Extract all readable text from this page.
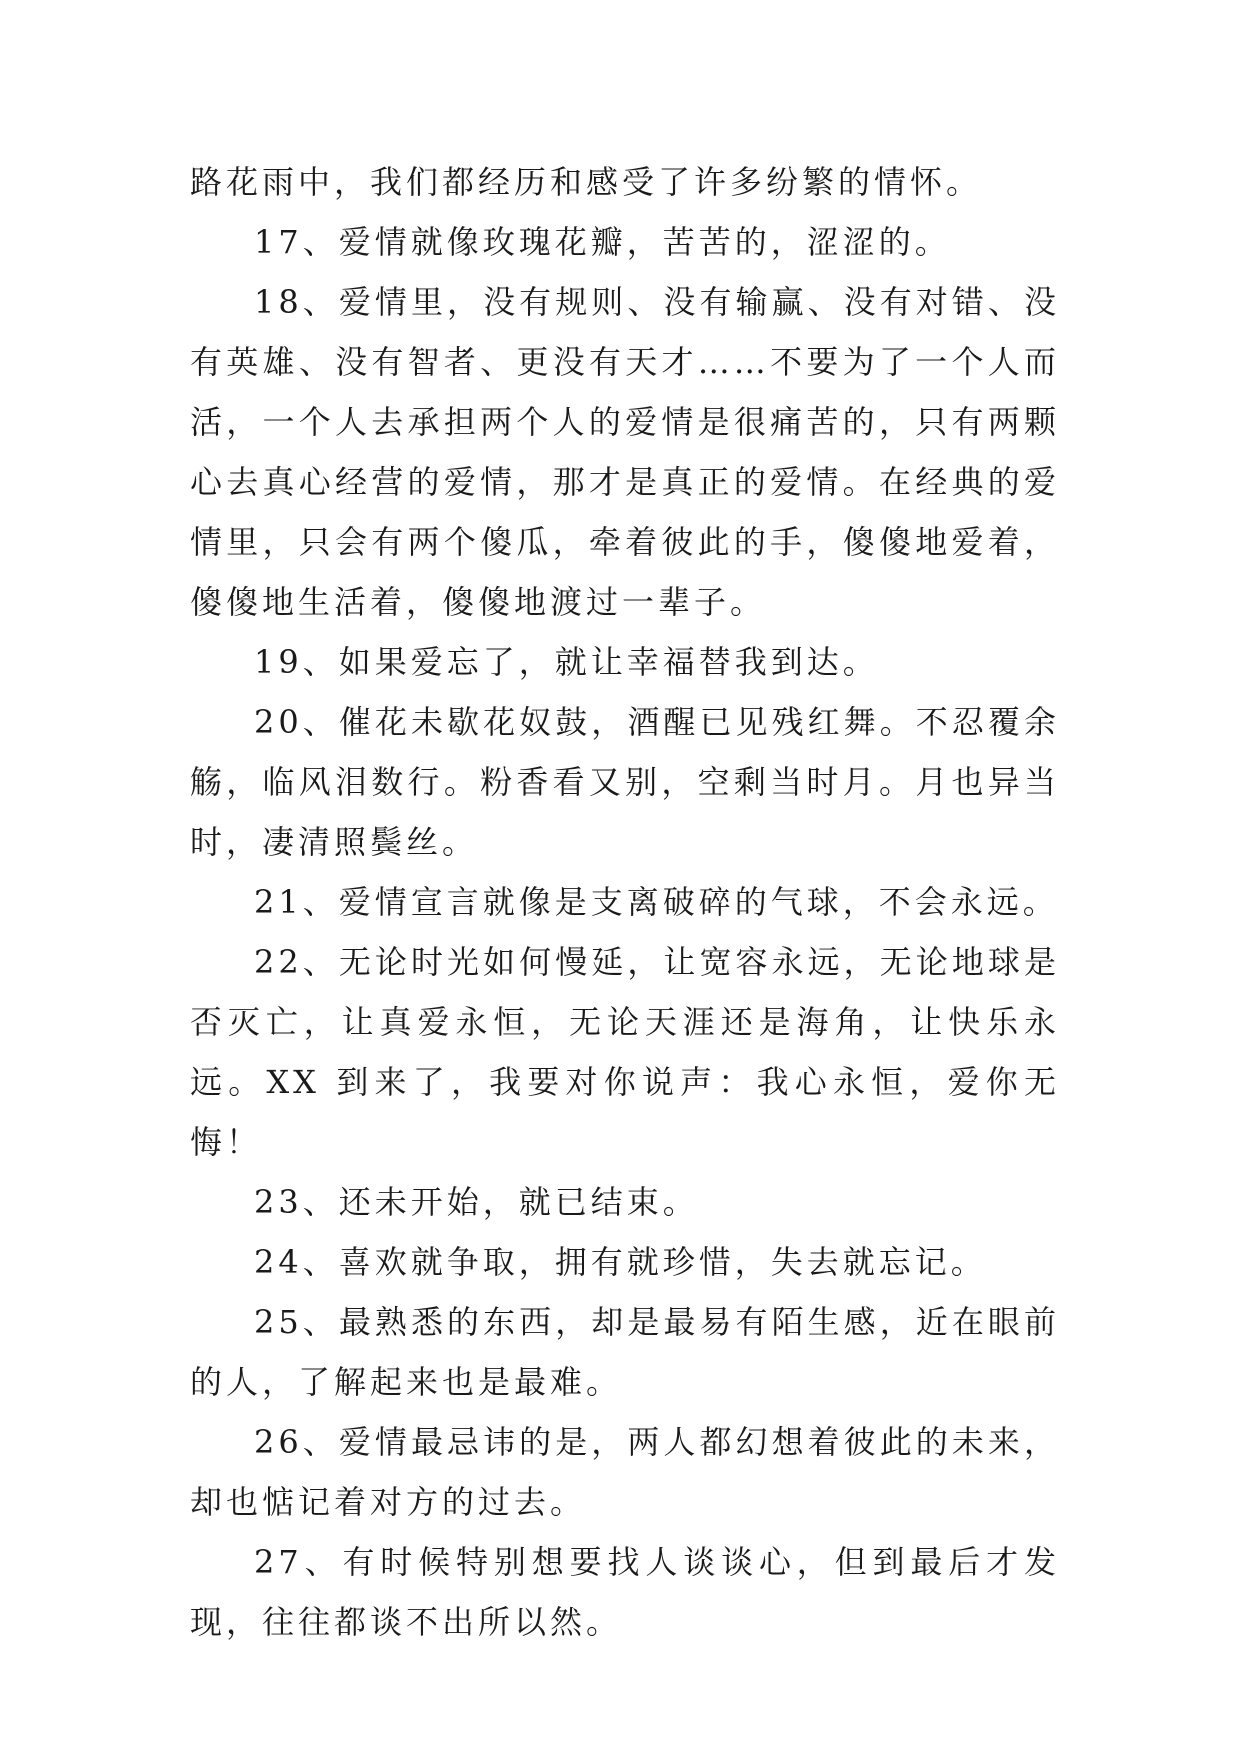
路花雨中，我们都经历和感受了许多纷繁的情怀。

17、爱情就像玫瑰花瓣，苦苦的，涩涩的。

18、爱情里，没有规则、没有输赢、没有对错、没有英雄、没有智者、更没有天才……不要为了一个人而活，一个人去承担两个人的爱情是很痛苦的，只有两颗心去真心经营的爱情，那才是真正的爱情。在经典的爱情里，只会有两个傻瓜，牵着彼此的手，傻傻地爱着，傻傻地生活着，傻傻地渡过一辈子。

19、如果爱忘了，就让幸福替我到达。

20、催花未歇花奴鼓，酒醒已见残红舞。不忍覆余觞，临风泪数行。粉香看又别，空剩当时月。月也异当时，凄清照鬓丝。

21、爱情宣言就像是支离破碎的气球，不会永远。

22、无论时光如何慢延，让宽容永远，无论地球是否灭亡，让真爱永恒，无论天涯还是海角，让快乐永远。XX 到来了，我要对你说声：我心永恒，爱你无悔！

23、还未开始，就已结束。

24、喜欢就争取，拥有就珍惜，失去就忘记。

25、最熟悉的东西，却是最易有陌生感，近在眼前的人，了解起来也是最难。

26、爱情最忌讳的是，两人都幻想着彼此的未来，却也惦记着对方的过去。

27、有时候特别想要找人谈谈心，但到最后才发现，往往都谈不出所以然。
